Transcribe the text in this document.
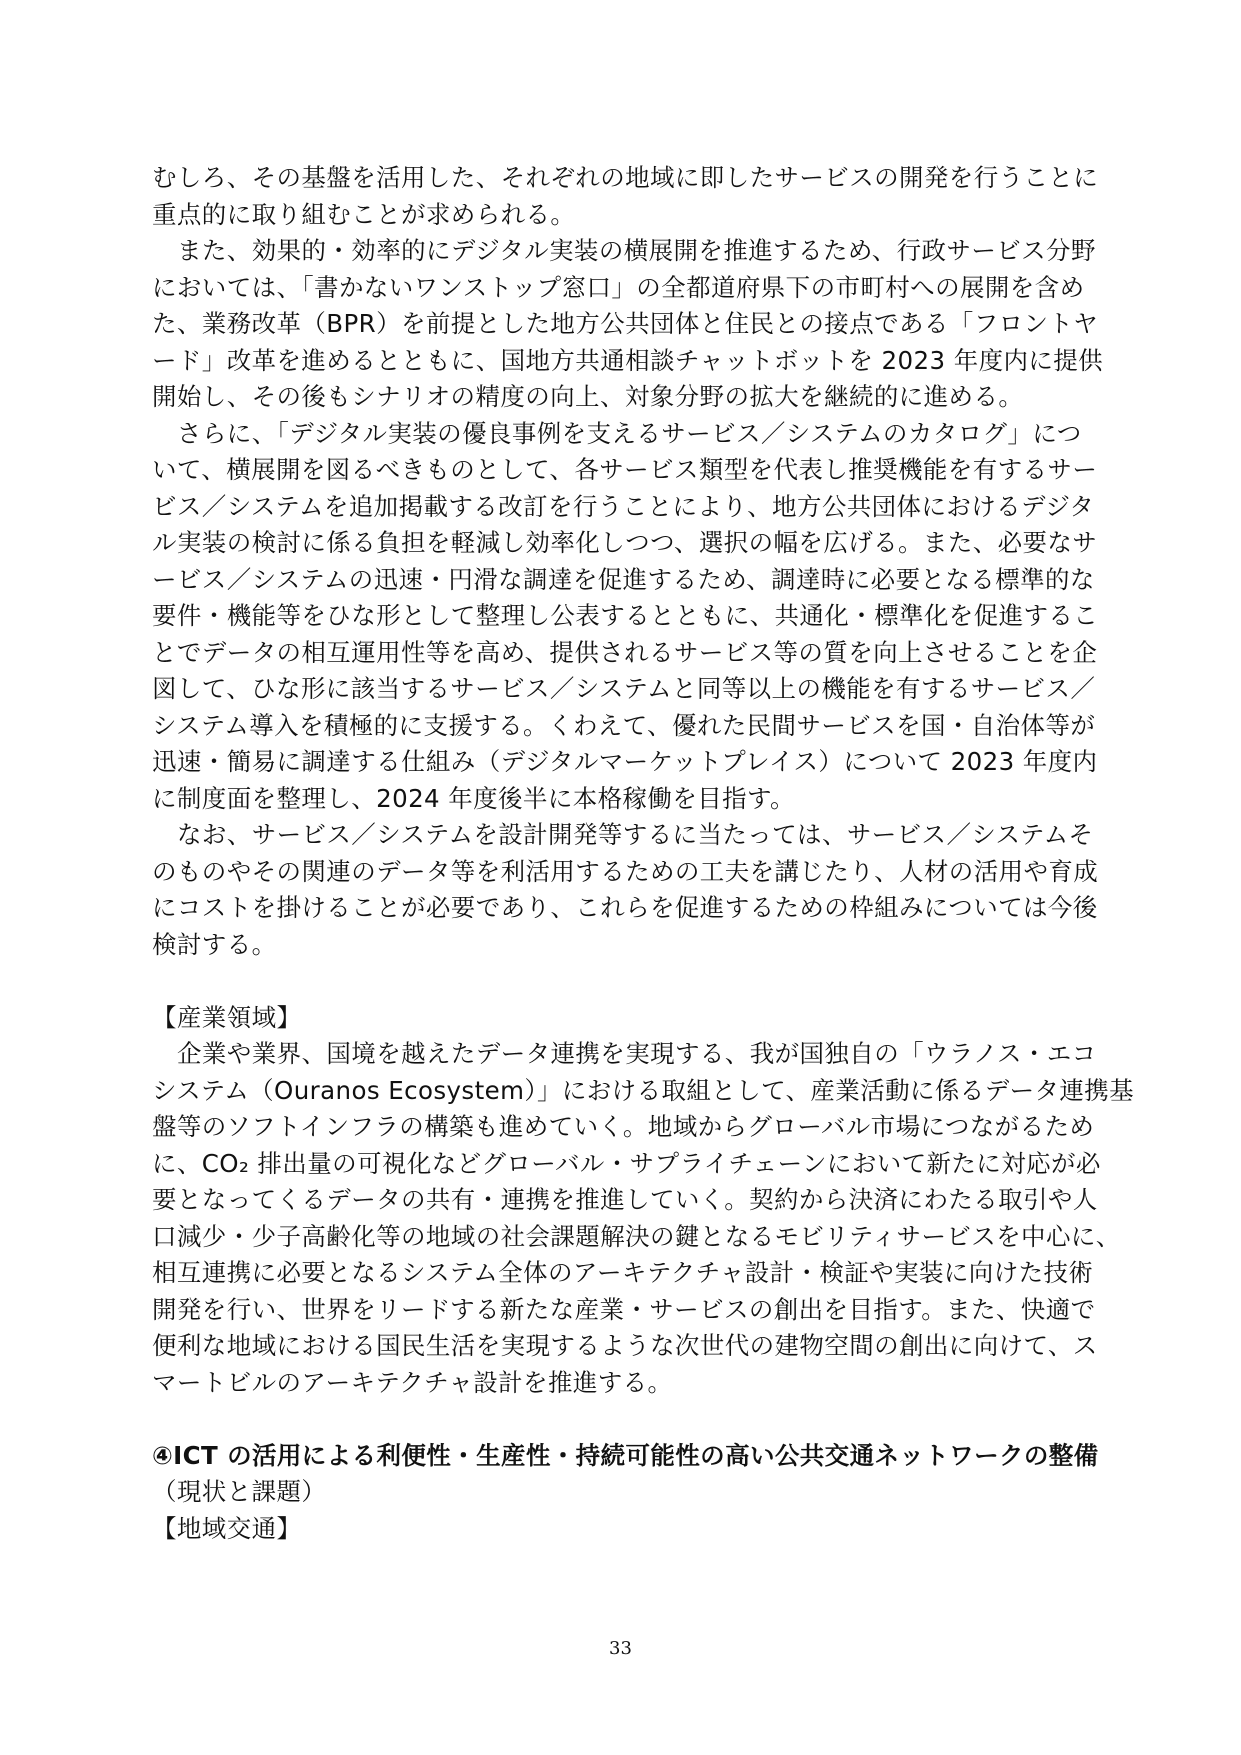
むしろ、その基盤を活用した、それぞれの地域に即したサービスの開発を行うことに
重点的に取り組むことが求められる。
また、効果的・効率的にデジタル実装の横展開を推進するため、行政サービス分野
においては、「書かないワンストップ窓口」の全都道府県下の市町村への展開を含め
た、業務改革（BPR）を前提とした地方公共団体と住民との接点である「フロントヤ
ード」改革を進めるとともに、国地方共通相談チャットボットを 2023 年度内に提供
開始し、その後もシナリオの精度の向上、対象分野の拡大を継続的に進める。
さらに、「デジタル実装の優良事例を支えるサービス／システムのカタログ」につ
いて、横展開を図るべきものとして、各サービス類型を代表し推奨機能を有するサー
ビス／システムを追加掲載する改訂を行うことにより、地方公共団体におけるデジタ
ル実装の検討に係る負担を軽減し効率化しつつ、選択の幅を広げる。また、必要なサ
ービス／システムの迅速・円滑な調達を促進するため、調達時に必要となる標準的な
要件・機能等をひな形として整理し公表するとともに、共通化・標準化を促進するこ
とでデータの相互運用性等を高め、提供されるサービス等の質を向上させることを企
図して、ひな形に該当するサービス／システムと同等以上の機能を有するサービス／
システム導入を積極的に支援する。くわえて、優れた民間サービスを国・自治体等が
迅速・簡易に調達する仕組み（デジタルマーケットプレイス）について 2023 年度内
に制度面を整理し、2024 年度後半に本格稼働を目指す。
なお、サービス／システムを設計開発等するに当たっては、サービス／システムそ
のものやその関連のデータ等を利活用するための工夫を講じたり、人材の活用や育成
にコストを掛けることが必要であり、これらを促進するための枠組みについては今後
検討する。
【産業領域】
企業や業界、国境を越えたデータ連携を実現する、我が国独自の「ウラノス・エコ
システム（Ouranos Ecosystem）」における取組として、産業活動に係るデータ連携基
盤等のソフトインフラの構築も進めていく。地域からグローバル市場につながるため
に、CO₂ 排出量の可視化などグローバル・サプライチェーンにおいて新たに対応が必
要となってくるデータの共有・連携を推進していく。契約から決済にわたる取引や人
口減少・少子高齢化等の地域の社会課題解決の鍵となるモビリティサービスを中心に、
相互連携に必要となるシステム全体のアーキテクチャ設計・検証や実装に向けた技術
開発を行い、世界をリードする新たな産業・サービスの創出を目指す。また、快適で
便利な地域における国民生活を実現するような次世代の建物空間の創出に向けて、ス
マートビルのアーキテクチャ設計を推進する。
④ICT の活用による利便性・生産性・持続可能性の高い公共交通ネットワークの整備
（現状と課題）
【地域交通】
33
